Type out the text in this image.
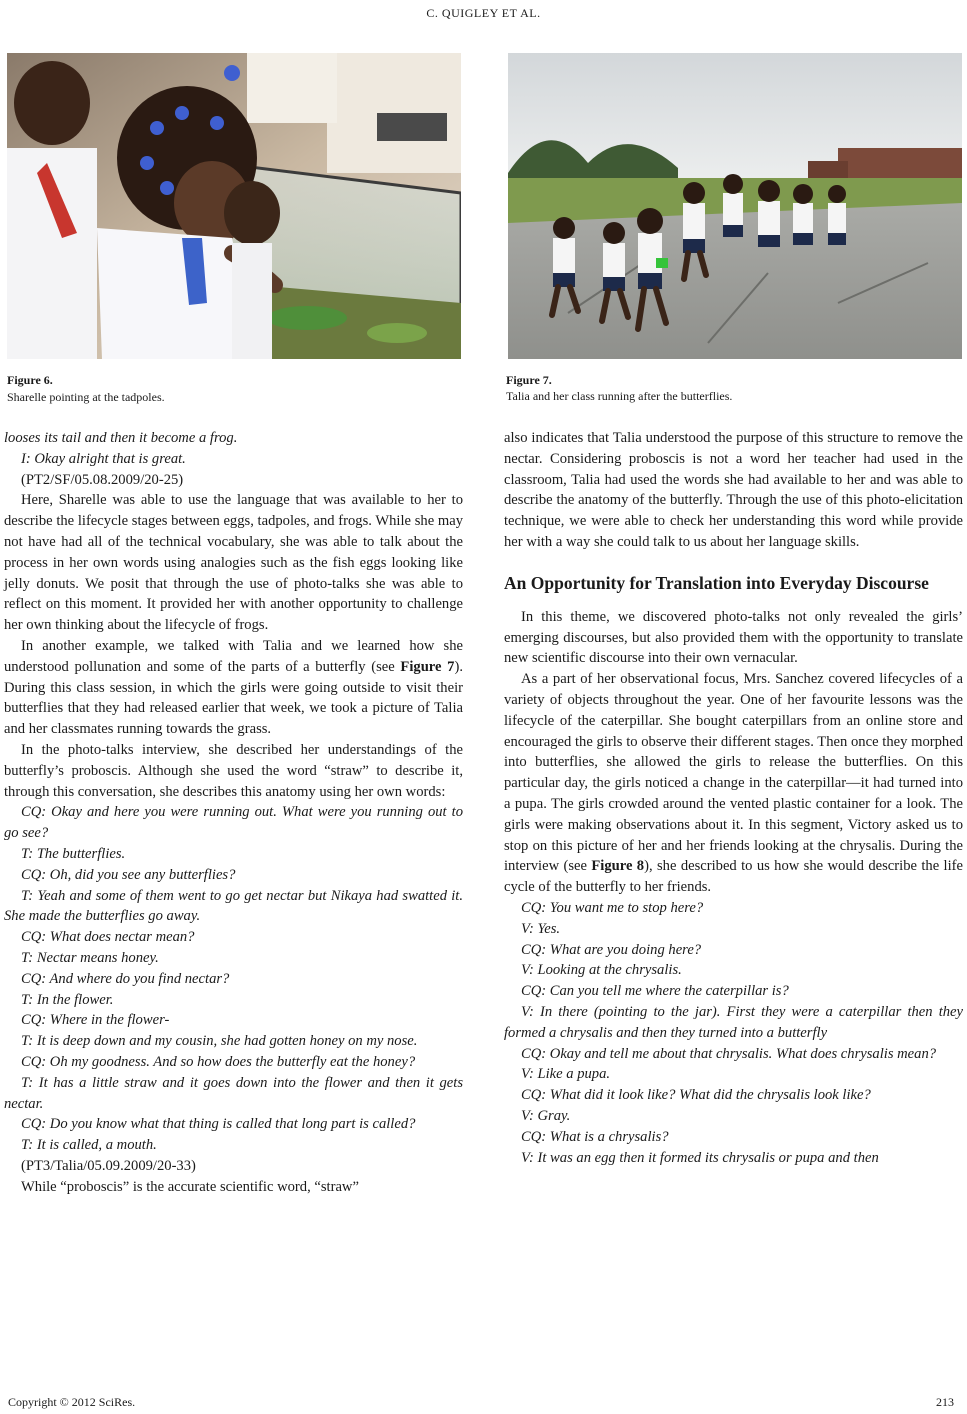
C. QUIGLEY ET AL.
Figure 6.
Sharelle pointing at the tadpoles.
Figure 7.
Talia and her class running after the butterflies.

looses its tail and then it become a frog.

I: Okay alright that is great.

(PT2/SF/05.08.2009/20-25)

Here, Sharelle was able to use the language that was available to her to describe the lifecycle stages between eggs, tadpoles, and frogs. While she may not have had all of the technical vocabulary, she was able to talk about the process in her own words using analogies such as the fish eggs looking like jelly donuts. We posit that through the use of photo-talks she was able to reflect on this moment. It provided her with another opportunity to challenge her own thinking about the lifecycle of frogs.

In another example, we talked with Talia and we learned how she understood pollunation and some of the parts of a butterfly (see Figure 7). During this class session, in which the girls were going outside to visit their butterflies that they had released earlier that week, we took a picture of Talia and her classmates running towards the grass.

In the photo-talks interview, she described her understandings of the butterfly’s proboscis. Although she used the word “straw” to describe it, through this conversation, she describes this anatomy using her own words:

CQ: Okay and here you were running out. What were you running out to go see?

T: The butterflies.

CQ: Oh, did you see any butterflies?

T: Yeah and some of them went to go get nectar but Nikaya had swatted it. She made the butterflies go away.

CQ: What does nectar mean?

T: Nectar means honey.

CQ: And where do you find nectar?

T: In the flower.

CQ: Where in the flower-

T: It is deep down and my cousin, she had gotten honey on my nose.

CQ: Oh my goodness. And so how does the butterfly eat the honey?

T: It has a little straw and it goes down into the flower and then it gets nectar.

CQ: Do you know what that thing is called that long part is called?

T: It is called, a mouth.

(PT3/Talia/05.09.2009/20-33)

While “proboscis” is the accurate scientific word, “straw”

also indicates that Talia understood the purpose of this structure to remove the nectar. Considering proboscis is not a word her teacher had used in the classroom, Talia had used the words she had available to her and was able to describe the anatomy of the butterfly. Through the use of this photo-elicitation technique, we were able to check her understanding this word while provide her with a way she could talk to us about her language skills.

An Opportunity for Translation into Everyday Discourse

In this theme, we discovered photo-talks not only revealed the girls’ emerging discourses, but also provided them with the opportunity to translate new scientific discourse into their own vernacular.

As a part of her observational focus, Mrs. Sanchez covered lifecycles of a variety of objects throughout the year. One of her favourite lessons was the lifecycle of the caterpillar. She bought caterpillars from an online store and encouraged the girls to observe their different stages. Then once they morphed into butterflies, she allowed the girls to release the butterflies. On this particular day, the girls noticed a change in the caterpillar—it had turned into a pupa. The girls crowded around the vented plastic container for a look. The girls were making observations about it. In this segment, Victory asked us to stop on this picture of her and her friends looking at the chrysalis. During the interview (see Figure 8), she described to us how she would describe the life cycle of the butterfly to her friends.

CQ: You want me to stop here?

V: Yes.

CQ: What are you doing here?

V: Looking at the chrysalis.

CQ: Can you tell me where the caterpillar is?

V: In there (pointing to the jar). First they were a caterpillar then they formed a chrysalis and then they turned into a butterfly

CQ: Okay and tell me about that chrysalis. What does chrysalis mean?

V: Like a pupa.

CQ: What did it look like? What did the chrysalis look like?

V: Gray.

CQ: What is a chrysalis?

V: It was an egg then it formed its chrysalis or pupa and then

Copyright © 2012 SciRes.	213
